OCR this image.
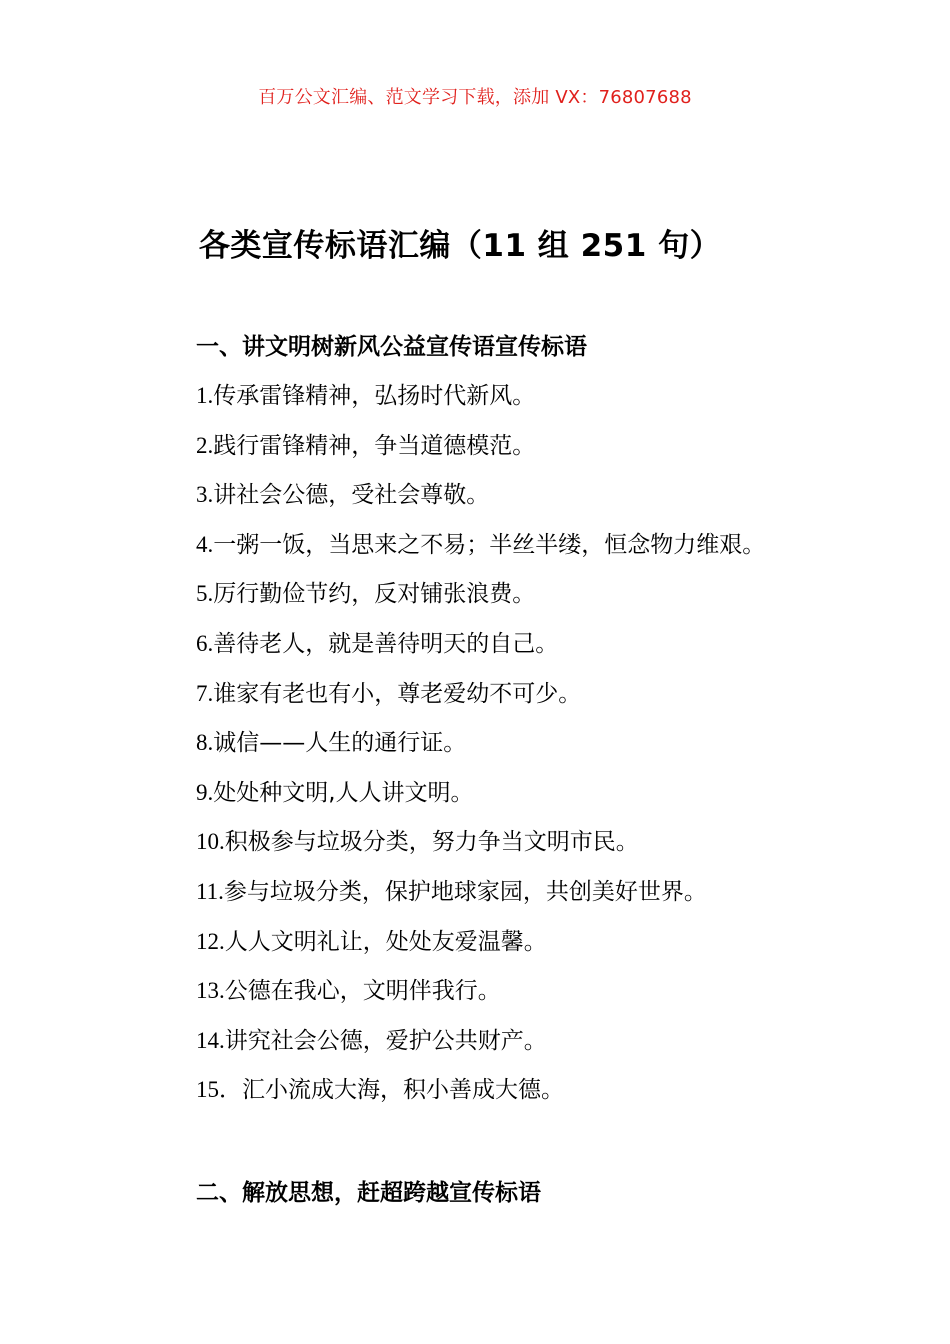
百万公文汇编、范文学习下载，添加 VX：76807688
各类宣传标语汇编（11 组 251 句）
一、讲文明树新风公益宣传语宣传标语
1.传承雷锋精神，弘扬时代新风。
2.践行雷锋精神，争当道德模范。
3.讲社会公德，受社会尊敬。
4.一粥一饭，当思来之不易；半丝半缕，恒念物力维艰。
5.厉行勤俭节约，反对铺张浪费。
6.善待老人，就是善待明天的自己。
7.谁家有老也有小，尊老爱幼不可少。
8.诚信——人生的通行证。
9.处处种文明,人人讲文明。
10.积极参与垃圾分类，努力争当文明市民。
11.参与垃圾分类，保护地球家园，共创美好世界。
12.人人文明礼让，处处友爱温馨。
13.公德在我心，文明伴我行。
14.讲究社会公德，爱护公共财产。
15．汇小流成大海，积小善成大德。
二、解放思想，赶超跨越宣传标语
